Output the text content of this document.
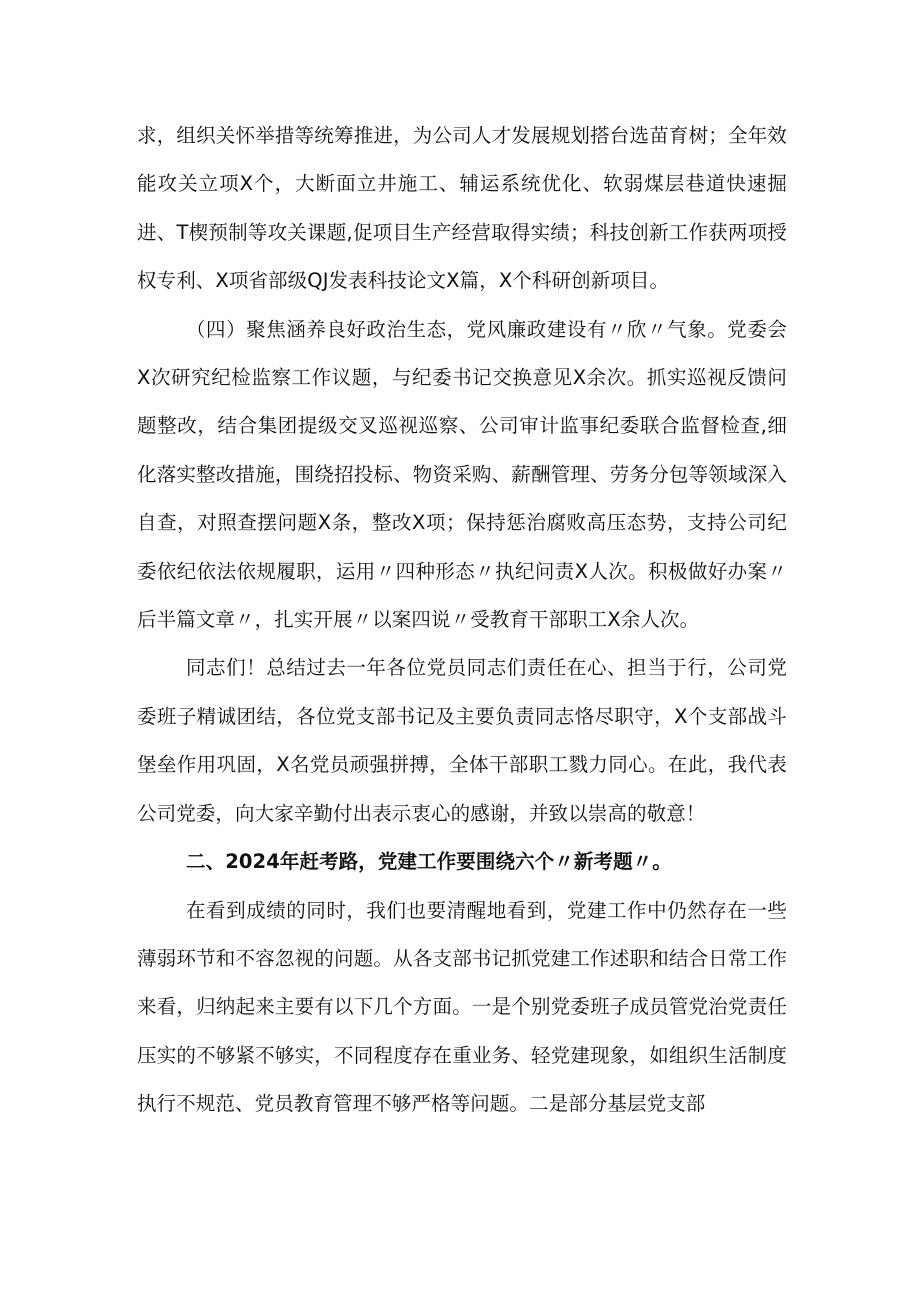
求，组织关怀举措等统筹推进，为公司人才发展规划搭台选苗育树；全年效能攻关立项X个，大断面立井施工、辅运系统优化、软弱煤层巷道快速掘进、T楔预制等攻关课题,促项目生产经营取得实绩；科技创新工作获两项授权专利、X项省部级QJ发表科技论文X篇，X个科研创新项目。

（四）聚焦涵养良好政治生态，党风廉政建设有〃欣〃气象。党委会X次研究纪检监察工作议题，与纪委书记交换意见X余次。抓实巡视反馈问题整改，结合集团提级交叉巡视巡察、公司审计监事纪委联合监督检查,细化落实整改措施，围绕招投标、物资采购、薪酬管理、劳务分包等领域深入自查，对照查摆问题X条，整改X项；保持惩治腐败高压态势，支持公司纪委依纪依法依规履职，运用〃四种形态〃执纪问责X人次。积极做好办案〃后半篇文章〃，扎实开展〃以案四说〃受教育干部职工X余人次。

同志们！总结过去一年各位党员同志们责任在心、担当于行，公司党委班子精诚团结，各位党支部书记及主要负责同志恪尽职守，X个支部战斗堡垒作用巩固，X名党员顽强拼搏，全体干部职工戮力同心。在此，我代表公司党委，向大家辛勤付出表示衷心的感谢，并致以崇高的敬意！

二、2024年赶考路，党建工作要围绕六个〃新考题〃。

在看到成绩的同时，我们也要清醒地看到，党建工作中仍然存在一些薄弱环节和不容忽视的问题。从各支部书记抓党建工作述职和结合日常工作来看，归纳起来主要有以下几个方面。一是个别党委班子成员管党治党责任压实的不够紧不够实，不同程度存在重业务、轻党建现象，如组织生活制度执行不规范、党员教育管理不够严格等问题。二是部分基层党支部
